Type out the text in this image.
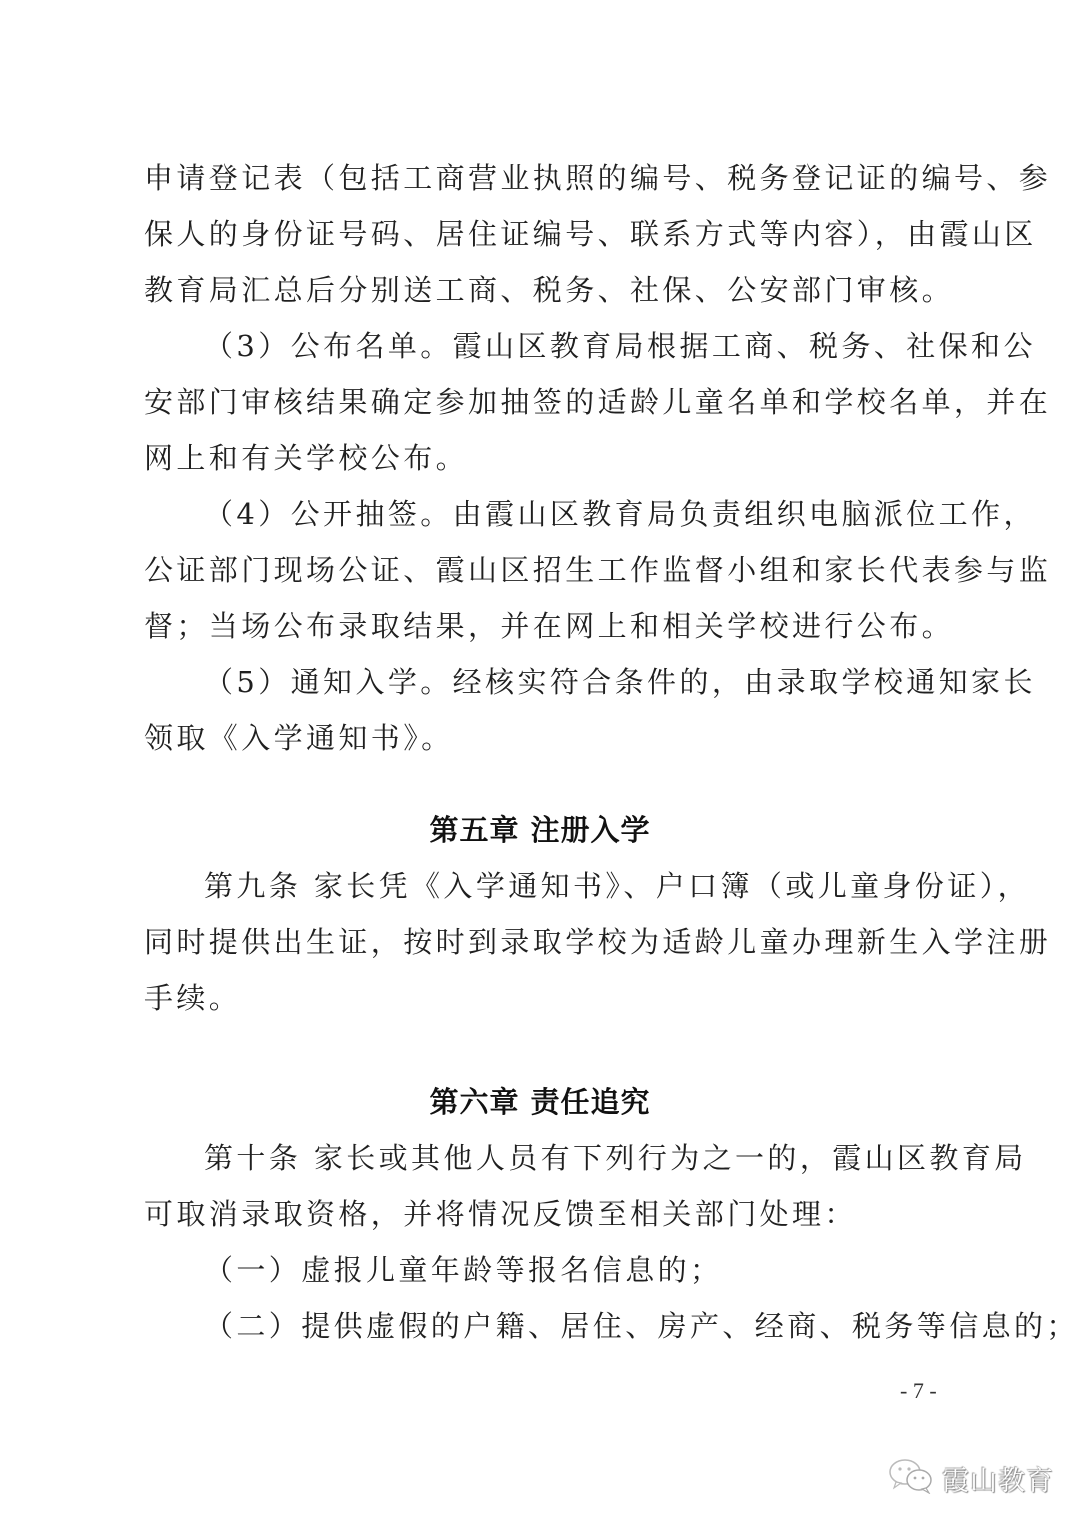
申请登记表（包括工商营业执照的编号、税务登记证的编号、参
保人的身份证号码、居住证编号、联系方式等内容），由霞山区
教育局汇总后分别送工商、税务、社保、公安部门审核。
（3）公布名单。霞山区教育局根据工商、税务、社保和公
安部门审核结果确定参加抽签的适龄儿童名单和学校名单，并在
网上和有关学校公布。
（4）公开抽签。由霞山区教育局负责组织电脑派位工作，
公证部门现场公证、霞山区招生工作监督小组和家长代表参与监
督；当场公布录取结果，并在网上和相关学校进行公布。
（5）通知入学。经核实符合条件的，由录取学校通知家长
领取《入学通知书》。
第五章 注册入学
第九条 家长凭《入学通知书》、户口簿（或儿童身份证），
同时提供出生证，按时到录取学校为适龄儿童办理新生入学注册
手续。
第六章 责任追究
第十条 家长或其他人员有下列行为之一的，霞山区教育局
可取消录取资格，并将情况反馈至相关部门处理：
（一）虚报儿童年龄等报名信息的；
（二）提供虚假的户籍、居住、房产、经商、税务等信息的；
- 7 -
霞山教育
